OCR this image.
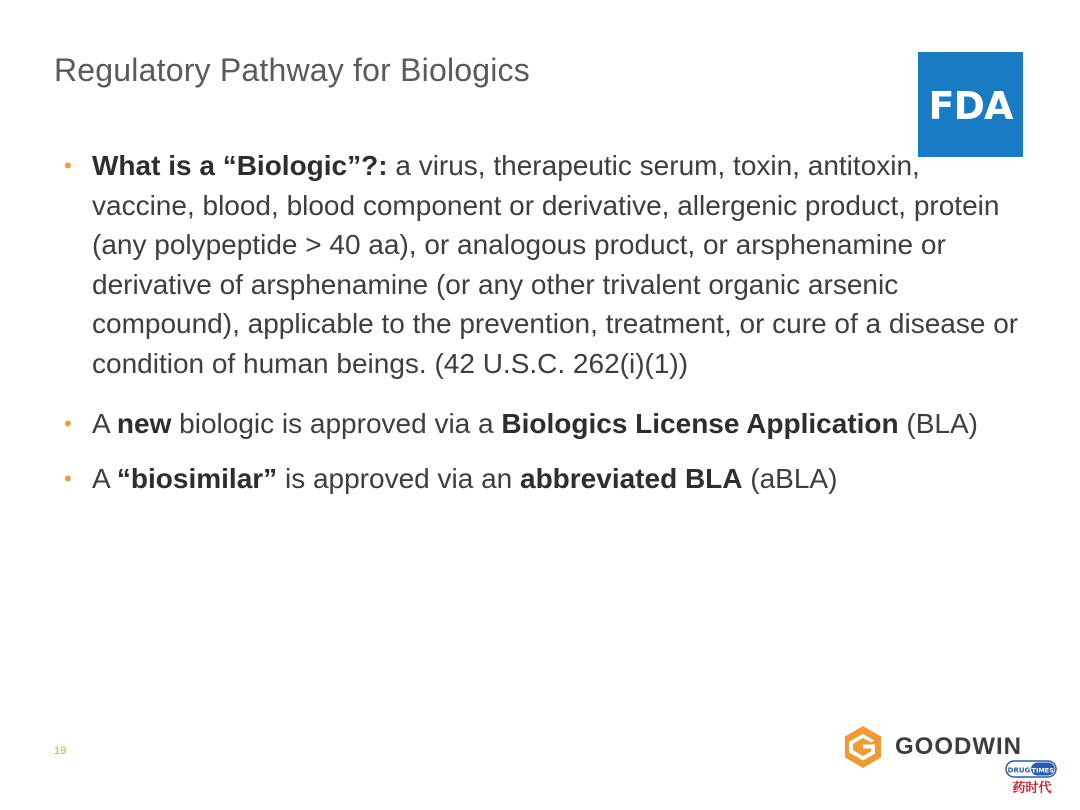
Regulatory Pathway for Biologics
FDA
• What is a “Biologic”?: a virus, therapeutic serum, toxin, antitoxin, vaccine, blood, blood component or derivative, allergenic product, protein (any polypeptide > 40 aa), or analogous product, or arsphenamine or derivative of arsphenamine (or any other trivalent organic arsenic compound), applicable to the prevention, treatment, or cure of a disease or condition of human beings. (42 U.S.C. 262(i)(1))
• A new biologic is approved via a Biologics License Application (BLA)
• A “biosimilar” is approved via an abbreviated BLA (aBLA)
19	GOODWIN
DRUG TIMES
药时代
